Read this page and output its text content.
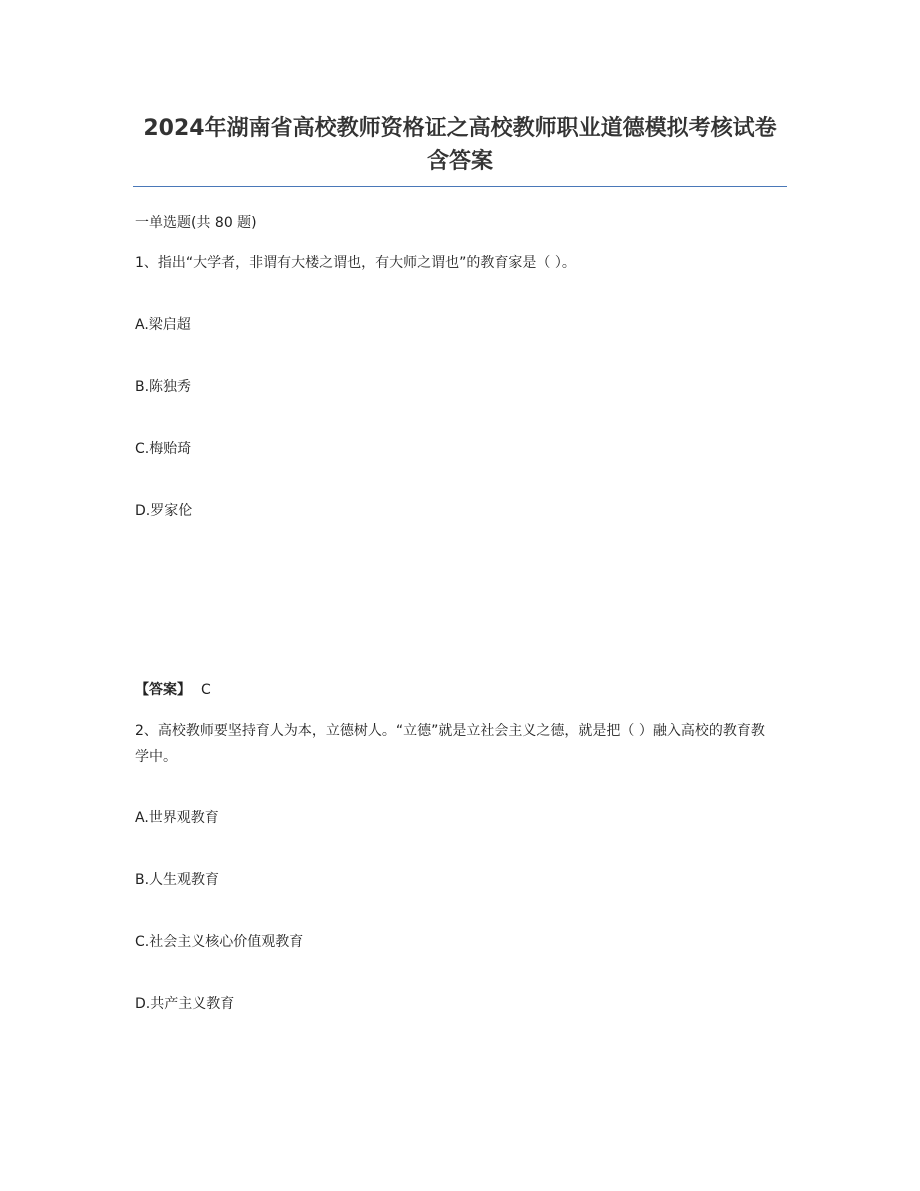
2024年湖南省高校教师资格证之高校教师职业道德模拟考核试卷含答案
一单选题(共 80 题)
1、指出“大学者，非谓有大楼之谓也，有大师之谓也”的教育家是（ ）。
A.梁启超
B.陈独秀
C.梅贻琦
D.罗家伦
【答案】 C

2、高校教师要坚持育人为本，立德树人。“立德”就是立社会主义之德，就是把（ ）融入高校的教育教学中。

A.世界观教育
B.人生观教育
C.社会主义核心价值观教育
D.共产主义教育
